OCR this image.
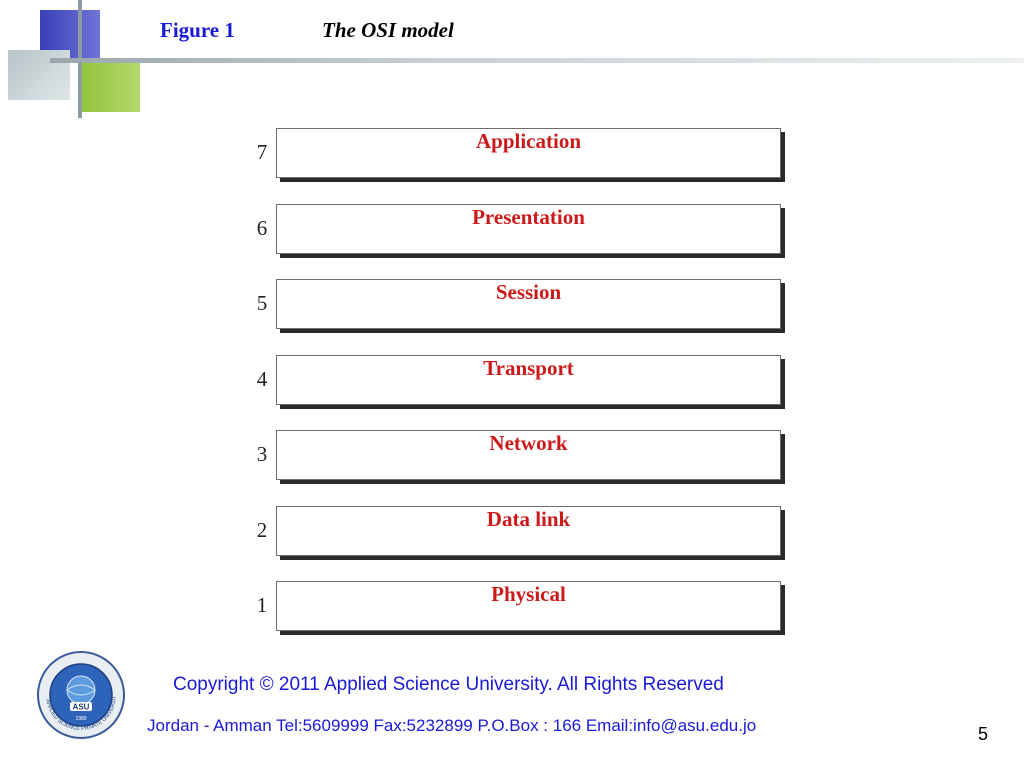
Figure 1	The OSI model
7	Application
6	Presentation
5	Session
4	Transport
3	Network
2	Data link
1	Physical
ASU
1989
APPLIED SCIENCE PRIVATE UNIVERSIT
Copyright © 2011 Applied Science University. All Rights Reserved
Jordan - Amman Tel:5609999 Fax:5232899 P.O.Box : 166 Email:info@asu.edu.jo	5
